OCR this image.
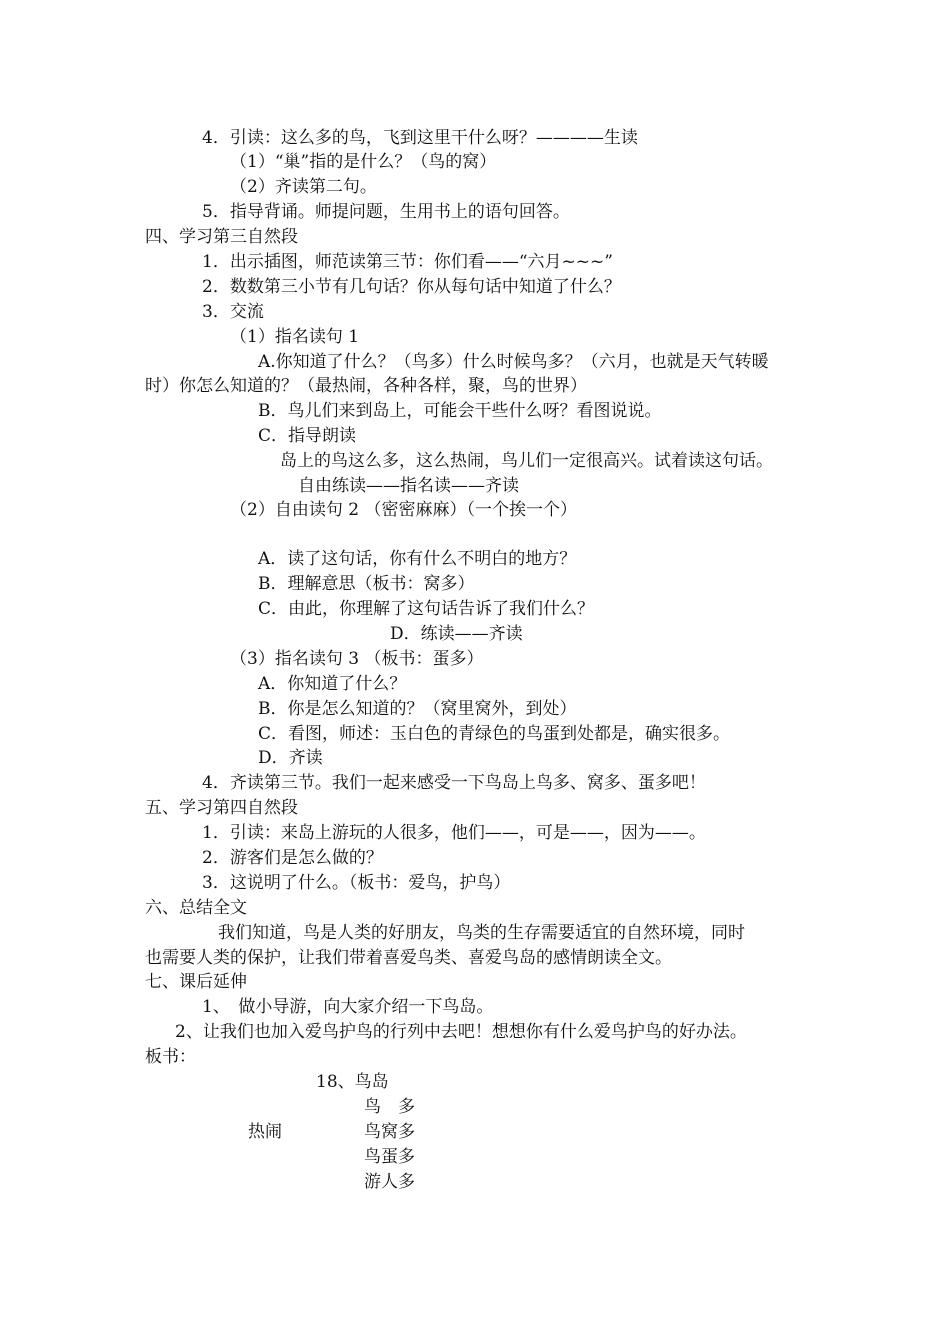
4．引读：这么多的鸟，飞到这里干什么呀？————生读
（1）“巢”指的是什么？（鸟的窝）
（2）齐读第二句。
5．指导背诵。师提问题，生用书上的语句回答。
四、学习第三自然段
1．出示插图，师范读第三节：你们看——“六月~~~”
2．数数第三小节有几句话？你从每句话中知道了什么？
3．交流
（1）指名读句 1
A.你知道了什么？（鸟多）什么时候鸟多？（六月，也就是天气转暖
时）你怎么知道的？（最热闹，各种各样，聚，鸟的世界）
B．鸟儿们来到岛上，可能会干些什么呀？看图说说。
C．指导朗读
岛上的鸟这么多，这么热闹，鸟儿们一定很高兴。试着读这句话。
自由练读——指名读——齐读
（2）自由读句 2 （密密麻麻）（一个挨一个）
A．读了这句话，你有什么不明白的地方？
B．理解意思（板书：窝多）
C．由此，你理解了这句话告诉了我们什么？
D．练读——齐读
（3）指名读句 3 （板书：蛋多）
A．你知道了什么？
B．你是怎么知道的？（窝里窝外，到处）
C．看图，师述：玉白色的青绿色的鸟蛋到处都是，确实很多。
D．齐读
4．齐读第三节。我们一起来感受一下鸟岛上鸟多、窝多、蛋多吧！
五、学习第四自然段
1．引读：来岛上游玩的人很多，他们——，可是——，因为——。
2．游客们是怎么做的？
3．这说明了什么。（板书：爱鸟，护鸟）
六、总结全文
我们知道，鸟是人类的好朋友，鸟类的生存需要适宜的自然环境，同时
也需要人类的保护，让我们带着喜爱鸟类、喜爱鸟岛的感情朗读全文。
七、课后延伸
1、　做小导游，向大家介绍一下鸟岛。
2、让我们也加入爱鸟护鸟的行列中去吧！想想你有什么爱鸟护鸟的好办法。
板书：
18、鸟岛
热闹
鸟　多
鸟窝多
鸟蛋多
游人多
